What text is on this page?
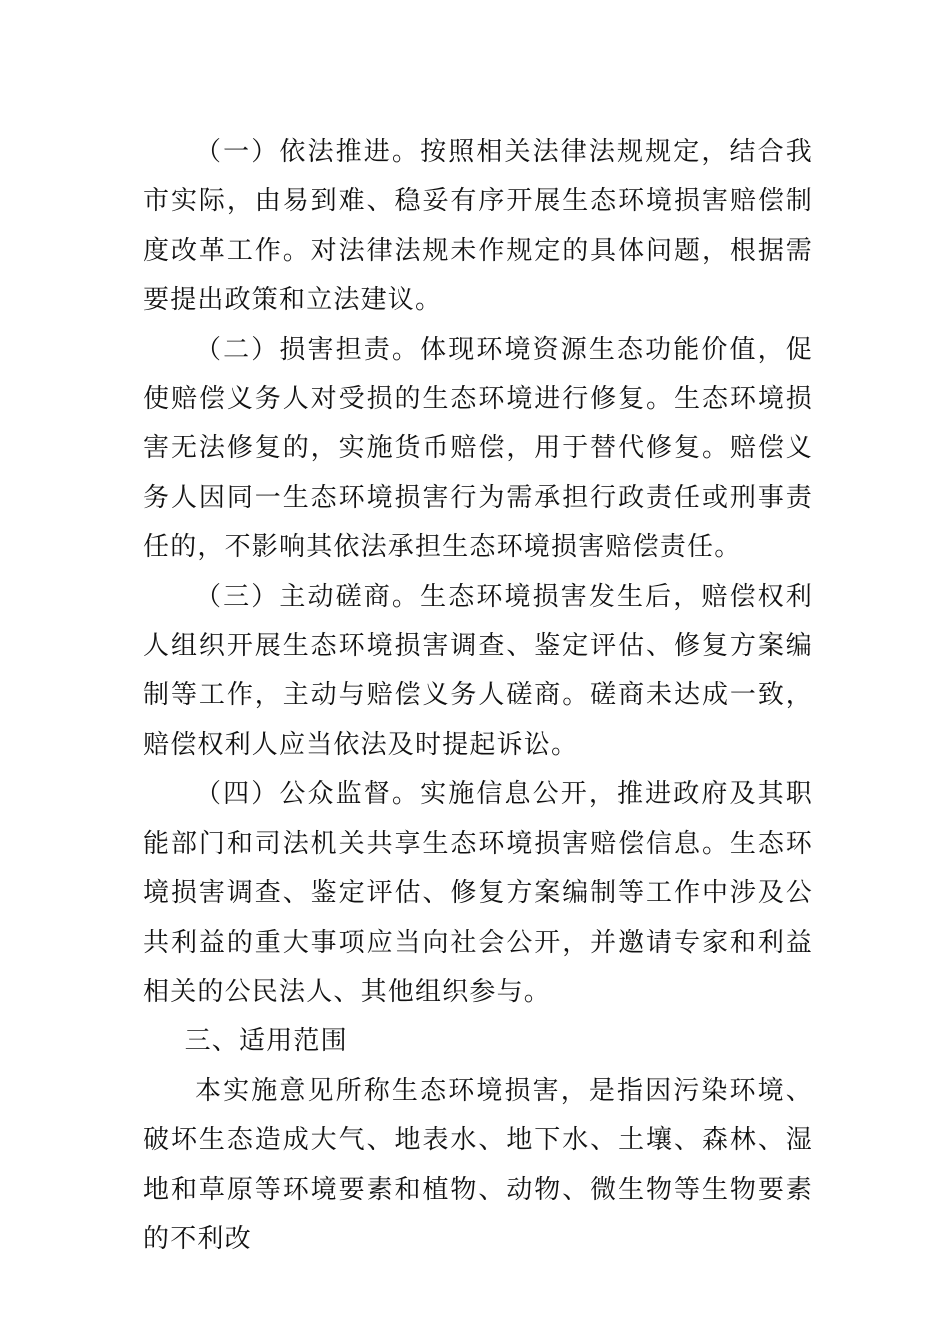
（一）依法推进。按照相关法律法规规定，结合我市实际，由易到难、稳妥有序开展生态环境损害赔偿制度改革工作。对法律法规未作规定的具体问题，根据需要提出政策和立法建议。

（二）损害担责。体现环境资源生态功能价值，促使赔偿义务人对受损的生态环境进行修复。生态环境损害无法修复的，实施货币赔偿，用于替代修复。赔偿义务人因同一生态环境损害行为需承担行政责任或刑事责任的，不影响其依法承担生态环境损害赔偿责任。

（三）主动磋商。生态环境损害发生后，赔偿权利人组织开展生态环境损害调查、鉴定评估、修复方案编制等工作，主动与赔偿义务人磋商。磋商未达成一致，赔偿权利人应当依法及时提起诉讼。

（四）公众监督。实施信息公开，推进政府及其职能部门和司法机关共享生态环境损害赔偿信息。生态环境损害调查、鉴定评估、修复方案编制等工作中涉及公共利益的重大事项应当向社会公开，并邀请专家和利益相关的公民法人、其他组织参与。

三、适用范围

本实施意见所称生态环境损害，是指因污染环境、破坏生态造成大气、地表水、地下水、土壤、森林、湿地和草原等环境要素和植物、动物、微生物等生物要素的不利改
